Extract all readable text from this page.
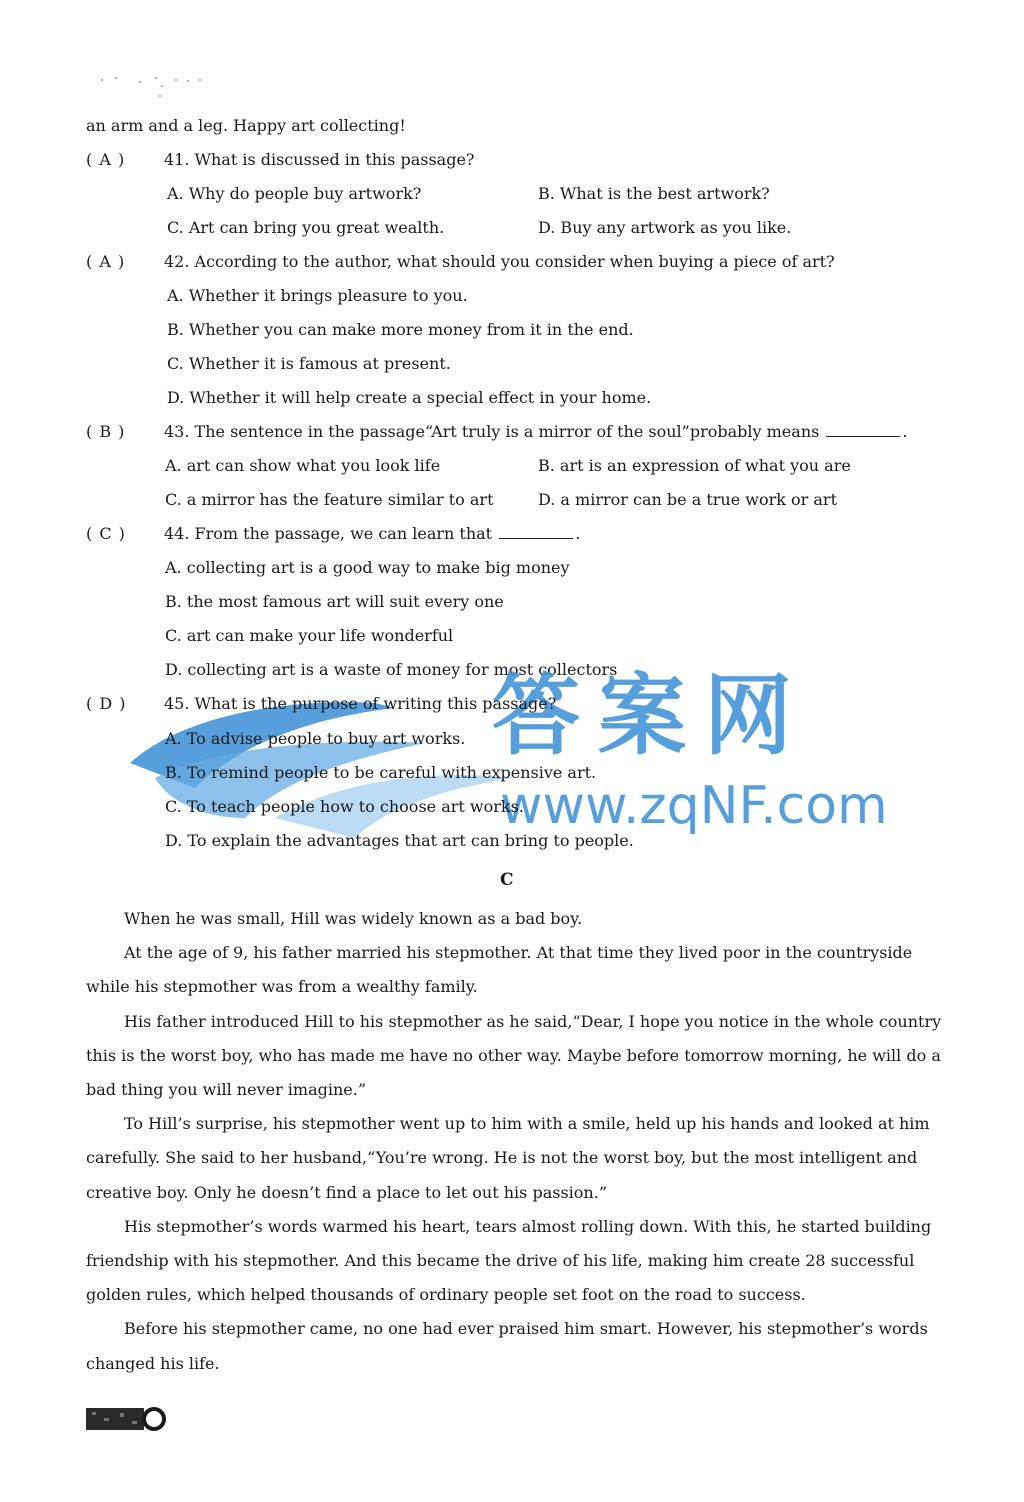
an arm and a leg. Happy art collecting!
( A ) 41. What is discussed in this passage?
A. Why do people buy artwork?	B. What is the best artwork?
C. Art can bring you great wealth.	D. Buy any artwork as you like.
( A ) 42. According to the author, what should you consider when buying a piece of art?
A. Whether it brings pleasure to you.
B. Whether you can make more money from it in the end.
C. Whether it is famous at present.
D. Whether it will help create a special effect in your home.
( B ) 43. The sentence in the passage“Art truly is a mirror of the soul”probably means	.
A. art can show what you look life	B. art is an expression of what you are
C. a mirror has the feature similar to art	D. a mirror can be a true work or art
( C ) 44. From the passage, we can learn that	.
A. collecting art is a good way to make big money
B. the most famous art will suit every one
C. art can make your life wonderful
D. collecting art is a waste of money for most collectors
答案网
www.zqNF.com
( D ) 45. What is the purpose of writing this passage?
A. To advise people to buy art works.
B. To remind people to be careful with expensive art.
C. To teach people how to choose art works.
D. To explain the advantages that art can bring to people.
C
When he was small, Hill was widely known as a bad boy.
At the age of 9, his father married his stepmother. At that time they lived poor in the countryside
while his stepmother was from a wealthy family.
His father introduced Hill to his stepmother as he said,“Dear, I hope you notice in the whole country
this is the worst boy, who has made me have no other way. Maybe before tomorrow morning, he will do a
bad thing you will never imagine.”
To Hill’s surprise, his stepmother went up to him with a smile, held up his hands and looked at him
carefully. She said to her husband,“You’re wrong. He is not the worst boy, but the most intelligent and
creative boy. Only he doesn’t find a place to let out his passion.”
His stepmother’s words warmed his heart, tears almost rolling down. With this, he started building
friendship with his stepmother. And this became the drive of his life, making him create 28 successful
golden rules, which helped thousands of ordinary people set foot on the road to success.
Before his stepmother came, no one had ever praised him smart. However, his stepmother’s words
changed his life.
